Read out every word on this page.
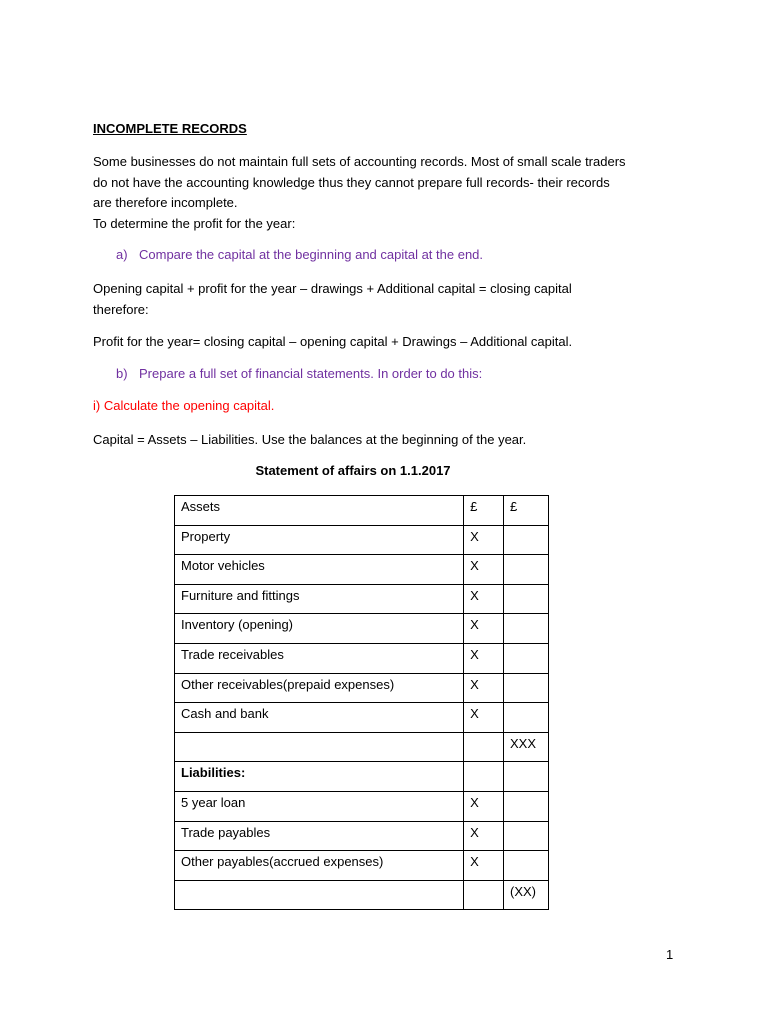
INCOMPLETE RECORDS

Some businesses do not maintain full sets of accounting records. Most of small scale traders
do not have the accounting knowledge thus they cannot prepare full records- their records
are therefore incomplete.
To determine the profit for the year:

a) Compare the capital at the beginning and capital at the end.

Opening capital + profit for the year – drawings + Additional capital = closing capital
therefore:

Profit for the year= closing capital – opening capital + Drawings – Additional capital.

b) Prepare a full set of financial statements. In order to do this:
i) Calculate the opening capital.

Capital = Assets – Liabilities. Use the balances at the beginning of the year.

Statement of affairs on 1.1.2017
Assets	£	£
Property	X	
Motor vehicles	X	
Furniture and fittings	X	
Inventory (opening)	X	
Trade receivables	X	
Other receivables(prepaid expenses)	X	
Cash and bank	X	
		XXX
Liabilities:		
5 year loan	X	
Trade payables	X	
Other payables(accrued expenses)	X	
		(XX)
1
